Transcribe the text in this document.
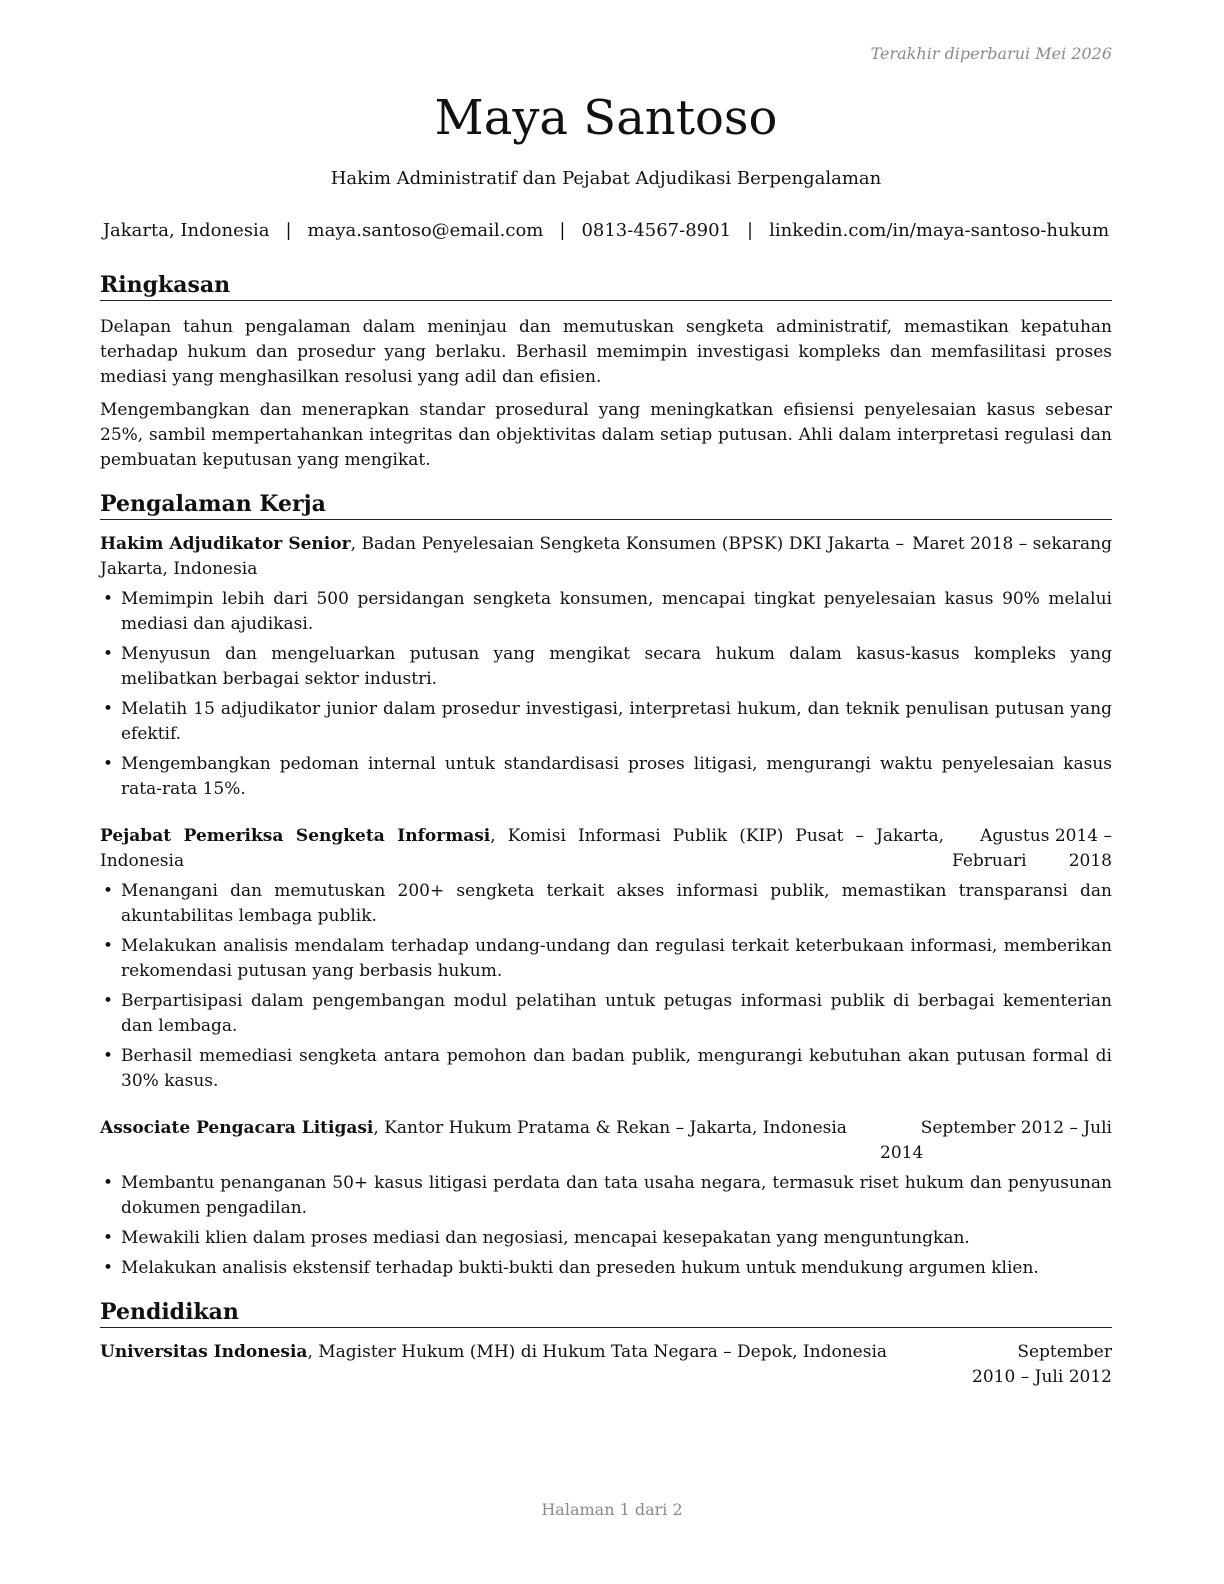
Terakhir diperbarui Mei 2026
Maya Santoso
Hakim Administratif dan Pejabat Adjudikasi Berpengalaman
Jakarta, Indonesia | maya.santoso@email.com | 0813-4567-8901 | linkedin.com/in/maya-santoso-hukum
Ringkasan

Delapan tahun pengalaman dalam meninjau dan memutuskan sengketa administratif, memastikan kepatuhan terhadap hukum dan prosedur yang berlaku. Berhasil memimpin investigasi kompleks dan memfasilitasi proses mediasi yang menghasilkan resolusi yang adil dan efisien.

Mengembangkan dan menerapkan standar prosedural yang meningkatkan efisiensi penyelesaian kasus sebesar 25%, sambil mempertahankan integritas dan objektivitas dalam setiap putusan. Ahli dalam interpretasi regulasi dan pembuatan keputusan yang mengikat.

Pengalaman Kerja
Hakim Adjudikator Senior, Badan Penyelesaian Sengketa Konsumen (BPSK) DKI Jakarta – Jakarta, Indonesia
Maret 2018 – sekarang
• Memimpin lebih dari 500 persidangan sengketa konsumen, mencapai tingkat penyelesaian kasus 90% melalui mediasi dan ajudikasi.
• Menyusun dan mengeluarkan putusan yang mengikat secara hukum dalam kasus-kasus kompleks yang melibatkan berbagai sektor industri.
• Melatih 15 adjudikator junior dalam prosedur investigasi, interpretasi hukum, dan teknik penulisan putusan yang efektif.
• Mengembangkan pedoman internal untuk standardisasi proses litigasi, mengurangi waktu penyelesaian kasus rata-rata 15%.
Pejabat Pemeriksa Sengketa Informasi, Komisi Informasi Publik (KIP) Pusat – Jakarta, Indonesia
Agustus 2014 – Februari 2018
• Menangani dan memutuskan 200+ sengketa terkait akses informasi publik, memastikan transparansi dan akuntabilitas lembaga publik.
• Melakukan analisis mendalam terhadap undang-undang dan regulasi terkait keterbukaan informasi, memberikan rekomendasi putusan yang berbasis hukum.
• Berpartisipasi dalam pengembangan modul pelatihan untuk petugas informasi publik di berbagai kementerian dan lembaga.
• Berhasil memediasi sengketa antara pemohon dan badan publik, mengurangi kebutuhan akan putusan formal di 30% kasus.
Associate Pengacara Litigasi, Kantor Hukum Pratama & Rekan – Jakarta, Indonesia	September 2012 – Juli 2014
• Membantu penanganan 50+ kasus litigasi perdata dan tata usaha negara, termasuk riset hukum dan penyusunan dokumen pengadilan.
• Mewakili klien dalam proses mediasi dan negosiasi, mencapai kesepakatan yang menguntungkan.
• Melakukan analisis ekstensif terhadap bukti-bukti dan preseden hukum untuk mendukung argumen klien.
Pendidikan
Universitas Indonesia, Magister Hukum (MH) di Hukum Tata Negara – Depok, Indonesia	September 2010 – Juli 2012
Halaman 1 dari 2
